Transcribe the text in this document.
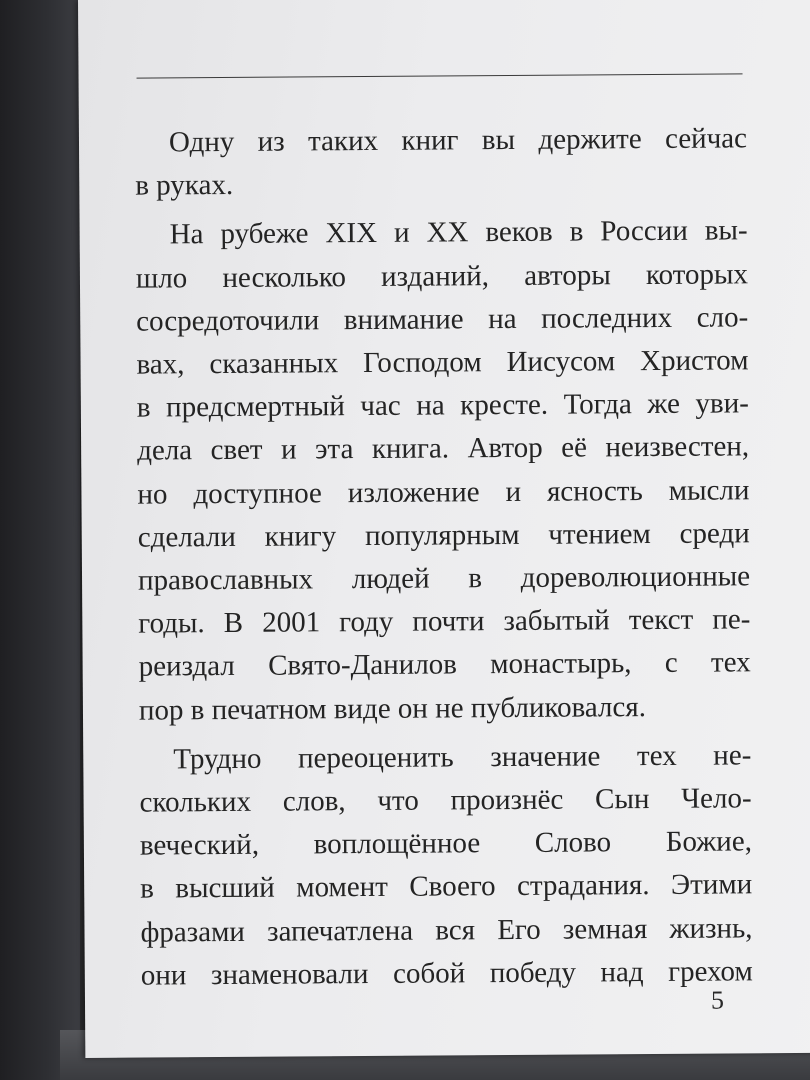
Одну из таких книг вы держите сейчас
в руках.
На рубеже XIX и XX веков в России вы-
шло несколько изданий, авторы которых
сосредоточили внимание на последних сло-
вах, сказанных Господом Иисусом Христом
в предсмертный час на кресте. Тогда же уви-
дела свет и эта книга. Автор её неизвестен,
но доступное изложение и ясность мысли
сделали книгу популярным чтением среди
православных людей в дореволюционные
годы. В 2001 году почти забытый текст пе-
реиздал Свято-Данилов монастырь, с тех
пор в печатном виде он не публиковался.
Трудно переоценить значение тех не-
скольких слов, что произнёс Сын Чело-
веческий, воплощённое Слово Божие,
в высший момент Своего страдания. Этими
фразами запечатлена вся Его земная жизнь,
они знаменовали собой победу над грехом
5
